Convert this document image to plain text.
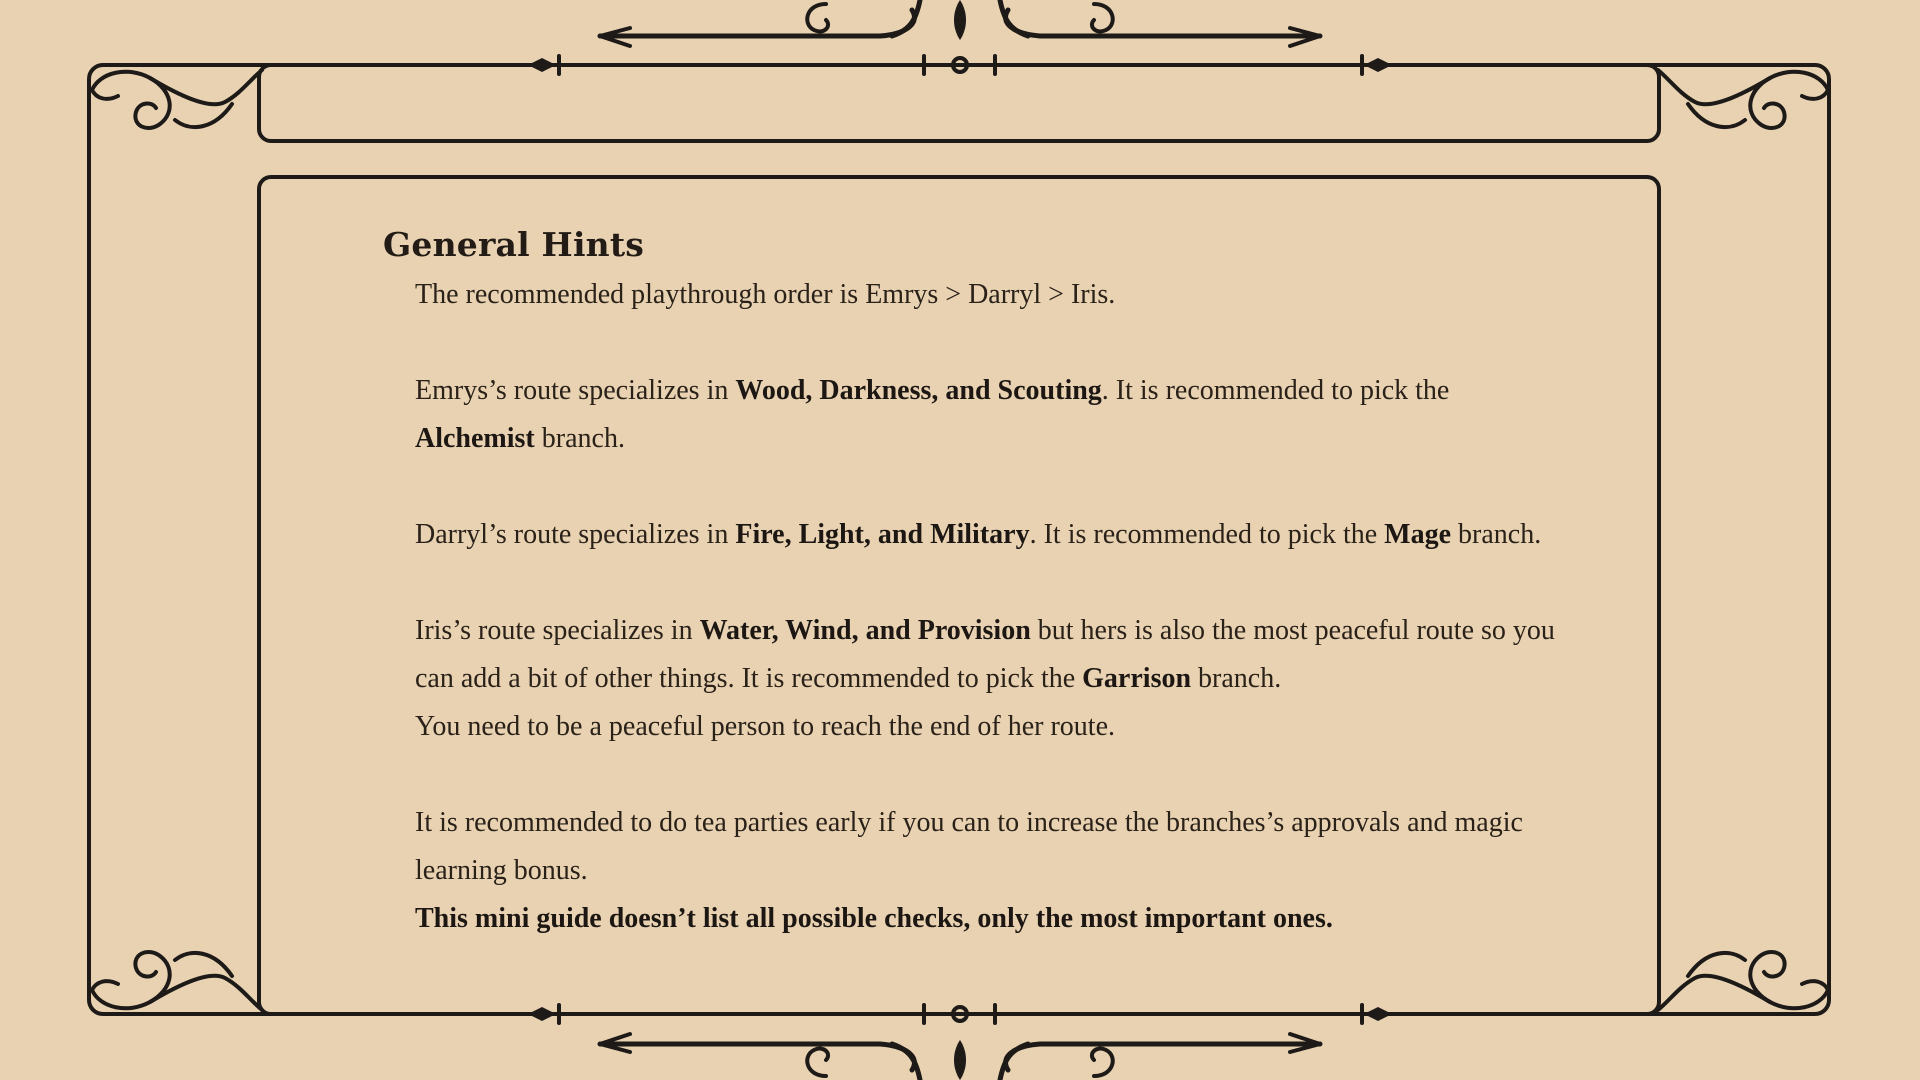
General Hints

The recommended playthrough order is Emrys > Darryl > Iris.

Emrys’s route specializes in Wood, Darkness, and Scouting. It is recommended to pick the
Alchemist branch.

Darryl’s route specializes in Fire, Light, and Military. It is recommended to pick the Mage branch.

Iris’s route specializes in Water, Wind, and Provision but hers is also the most peaceful route so you can add a bit of other things. It is recommended to pick the Garrison branch.
You need to be a peaceful person to reach the end of her route.

It is recommended to do tea parties early if you can to increase the branches’s approvals and magic learning bonus.
This mini guide doesn’t list all possible checks, only the most important ones.
